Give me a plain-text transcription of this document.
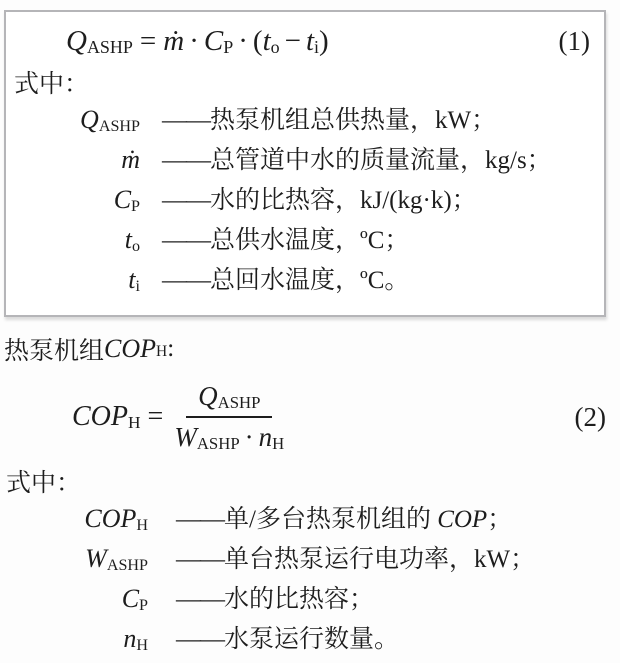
$Q_{ASHP}$ = ṁ · $C_P \cdot (t_o - t_i)$	(1)
式中：
$Q_{ASHP}$ —— 热泵机组总供热量，kW；
ṁ —— 总管道中水的质量流量，kg/s；
$C_P$ —— 水的比热容，kJ/(kg·k)；
$t_o$ —— 总供水温度，ºC；
$t_i$ —— 总回水温度，ºC。
热泵机组 $COP_H$ :
$COP_H = \frac{Q_{ASHP}}{W_{ASHP} \cdot n_H}$	(2)
式中：
$COP_H$	—— 单/多台热泵机组的 COP；
$W_{ASHP}$	—— 单台热泵运行电功率，kW；
$C_P$	—— 水的比热容；
$n_H$	—— 水泵运行数量。
